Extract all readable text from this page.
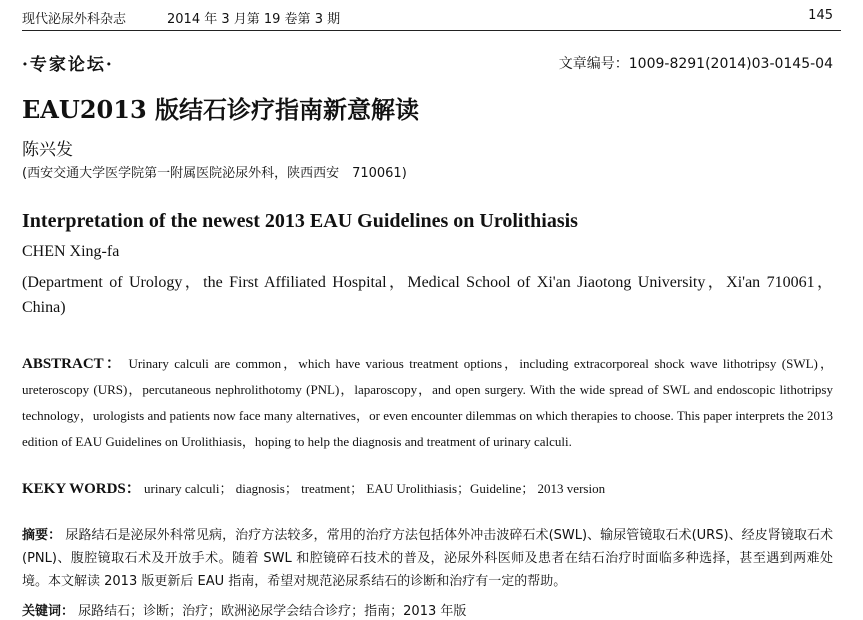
现代泌尿外科杂志	2014 年 3 月第 19 卷第 3 期	145
·专家论坛·	文章编号：1009-8291(2014)03-0145-04
EAU2013 版结石诊疗指南新意解读
陈兴发
(西安交通大学医学院第一附属医院泌尿外科，陕西西安　710061)
Interpretation of the newest 2013 EAU Guidelines on Urolithiasis
CHEN Xing-fa
(Department of Urology，the First Affiliated Hospital，Medical School of Xi'an Jiaotong University，Xi'an 710061，China)
ABSTRACT： Urinary calculi are common，which have various treatment options，including extracorporeal shock wave lithotripsy (SWL)，ureteroscopy (URS)，percutaneous nephrolithotomy (PNL)，laparoscopy，and open surgery. With the wide spread of SWL and endoscopic lithotripsy technology，urologists and patients now face many alternatives，or even encounter dilemmas on which therapies to choose. This paper interprets the 2013 edition of EAU Guidelines on Urolithiasis，hoping to help the diagnosis and treatment of urinary calculi.
KEKY WORDS： urinary calculi； diagnosis； treatment； EAU Urolithiasis；Guideline； 2013 version
摘要： 尿路结石是泌尿外科常见病，治疗方法较多，常用的治疗方法包括体外冲击波碎石术(SWL)、输尿管镜取石术(URS)、经皮肾镜取石术(PNL)、腹腔镜取石术及开放手术。随着 SWL 和腔镜碎石技术的普及，泌尿外科医师及患者在结石治疗时面临多种选择，甚至遇到两难处境。本文解读 2013 版更新后 EAU 指南，希望对规范泌尿系结石的诊断和治疗有一定的帮助。
关键词： 尿路结石；诊断；治疗；欧洲泌尿学会结合诊疗；指南；2013 年版
